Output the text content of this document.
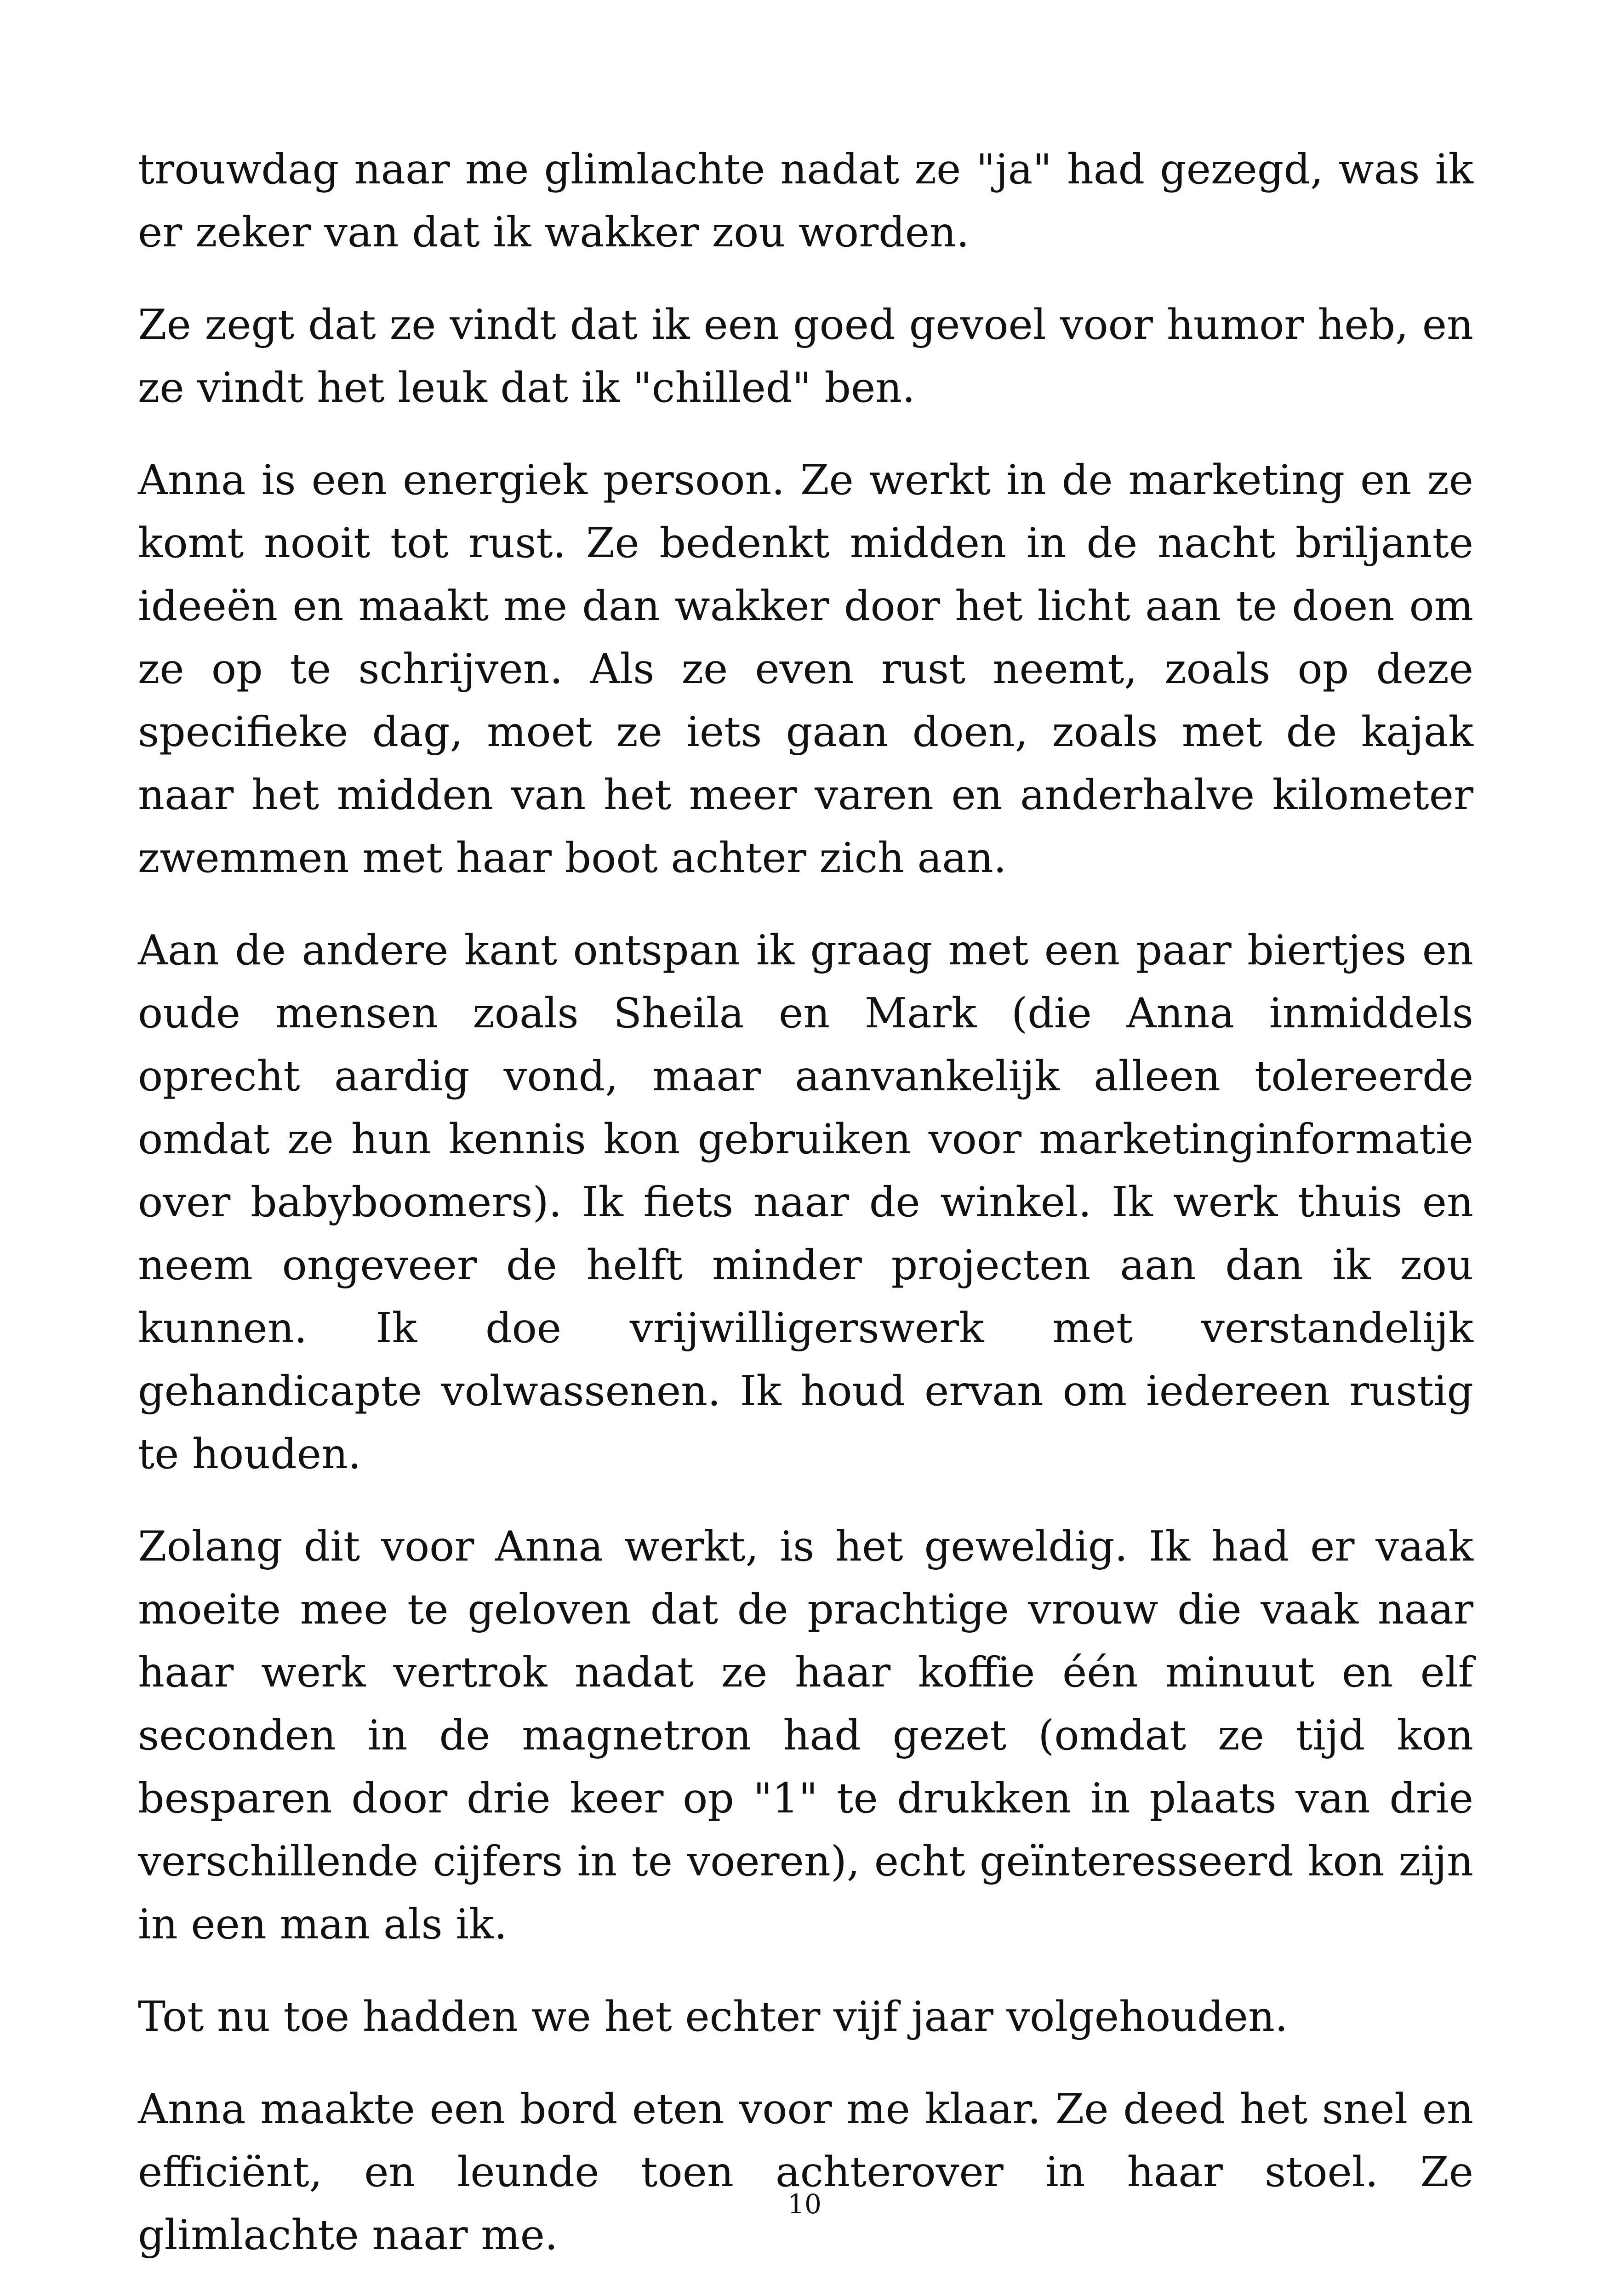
trouwdag naar me glimlachte nadat ze "ja" had gezegd, was ik er zeker van dat ik wakker zou worden.

Ze zegt dat ze vindt dat ik een goed gevoel voor humor heb, en ze vindt het leuk dat ik "chilled" ben.

Anna is een energiek persoon. Ze werkt in de marketing en ze komt nooit tot rust. Ze bedenkt midden in de nacht briljante ideeën en maakt me dan wakker door het licht aan te doen om ze op te schrijven. Als ze even rust neemt, zoals op deze specifieke dag, moet ze iets gaan doen, zoals met de kajak naar het midden van het meer varen en anderhalve kilometer zwemmen met haar boot achter zich aan.

Aan de andere kant ontspan ik graag met een paar biertjes en oude mensen zoals Sheila en Mark (die Anna inmiddels oprecht aardig vond, maar aanvankelijk alleen tolereerde omdat ze hun kennis kon gebruiken voor marketinginformatie over babyboomers). Ik fiets naar de winkel. Ik werk thuis en neem ongeveer de helft minder projecten aan dan ik zou kunnen. Ik doe vrijwilligerswerk met verstandelijk gehandicapte volwassenen. Ik houd ervan om iedereen rustig te houden.

Zolang dit voor Anna werkt, is het geweldig. Ik had er vaak moeite mee te geloven dat de prachtige vrouw die vaak naar haar werk vertrok nadat ze haar koffie één minuut en elf seconden in de magnetron had gezet (omdat ze tijd kon besparen door drie keer op "1" te drukken in plaats van drie verschillende cijfers in te voeren), echt geïnteresseerd kon zijn in een man als ik.

Tot nu toe hadden we het echter vijf jaar volgehouden.

Anna maakte een bord eten voor me klaar. Ze deed het snel en efficiënt, en leunde toen achterover in haar stoel. Ze glimlachte naar me.

10
